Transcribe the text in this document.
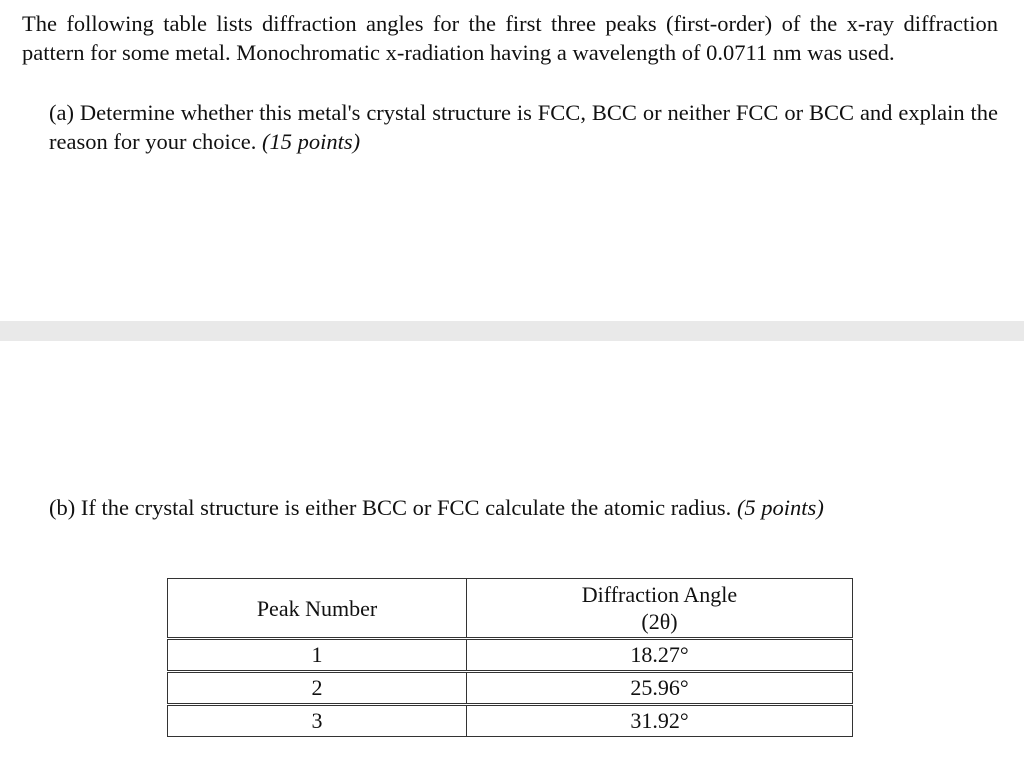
The following table lists diffraction angles for the first three peaks (first-order) of the x-ray diffraction pattern for some metal. Monochromatic x-radiation having a wavelength of 0.0711 nm was used.

(a) Determine whether this metal's crystal structure is FCC, BCC or neither FCC or BCC and explain the reason for your choice. (15 points)

(b) If the crystal structure is either BCC or FCC calculate the atomic radius. (5 points)

Peak Number	Diffraction Angle
(2θ)

1	18.27°
2	25.96°
3	31.92°
